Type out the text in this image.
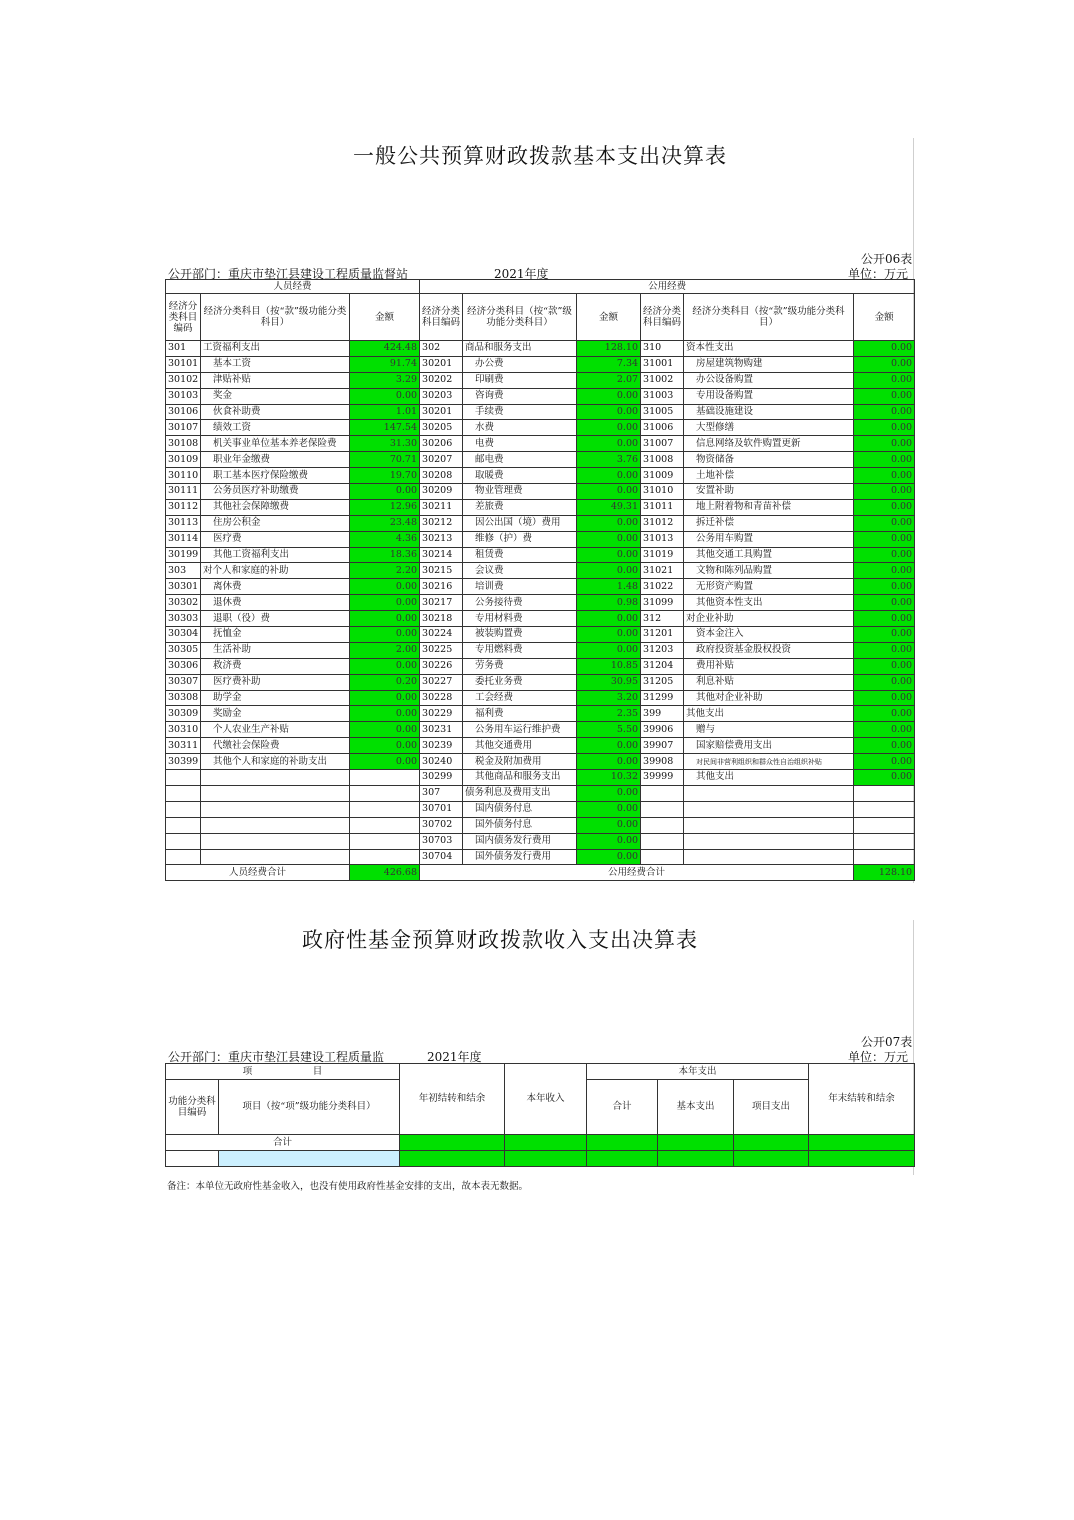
一般公共预算财政拨款基本支出决算表
公开06表
公开部门：重庆市垫江县建设工程质量监督站	2021年度	单位：万元
人员经费			公用经费					
经济分类科目编码	经济分类科目（按“款”级功能分类科目）	金额	经济分类科目编码	经济分类科目（按“款”级功能分类科目）	金额	经济分类科目编码	经济分类科目（按“款”级功能分类科目）	金额
301	工资福利支出	424.48	302	商品和服务支出	128.10	310	资本性支出	0.00
30101	基本工资	91.74	30201	办公费	7.34	31001	房屋建筑物购建	0.00
30102	津贴补贴	3.29	30202	印刷费	2.07	31002	办公设备购置	0.00
30103	奖金	0.00	30203	咨询费	0.00	31003	专用设备购置	0.00
30106	伙食补助费	1.01	30201	手续费	0.00	31005	基础设施建设	0.00
30107	绩效工资	147.54	30205	水费	0.00	31006	大型修缮	0.00
30108	机关事业单位基本养老保险费	31.30	30206	电费	0.00	31007	信息网络及软件购置更新	0.00
30109	职业年金缴费	70.71	30207	邮电费	3.76	31008	物资储备	0.00
30110	职工基本医疗保险缴费	19.70	30208	取暖费	0.00	31009	土地补偿	0.00
30111	公务员医疗补助缴费	0.00	30209	物业管理费	0.00	31010	安置补助	0.00
30112	其他社会保障缴费	12.96	30211	差旅费	49.31	31011	地上附着物和青苗补偿	0.00
30113	住房公积金	23.48	30212	因公出国（境）费用	0.00	31012	拆迁补偿	0.00
30114	医疗费	4.36	30213	维修（护）费	0.00	31013	公务用车购置	0.00
30199	其他工资福利支出	18.36	30214	租赁费	0.00	31019	其他交通工具购置	0.00
303	对个人和家庭的补助	2.20	30215	会议费	0.00	31021	文物和陈列品购置	0.00
30301	离休费	0.00	30216	培训费	1.48	31022	无形资产购置	0.00
30302	退休费	0.00	30217	公务接待费	0.98	31099	其他资本性支出	0.00
30303	退职（役）费	0.00	30218	专用材料费	0.00	312	对企业补助	0.00
30304	抚恤金	0.00	30224	被装购置费	0.00	31201	资本金注入	0.00
30305	生活补助	2.00	30225	专用燃料费	0.00	31203	政府投资基金股权投资	0.00
30306	救济费	0.00	30226	劳务费	10.85	31204	费用补贴	0.00
30307	医疗费补助	0.20	30227	委托业务费	30.95	31205	利息补贴	0.00
30308	助学金	0.00	30228	工会经费	3.20	31299	其他对企业补助	0.00
30309	奖励金	0.00	30229	福利费	2.35	399	其他支出	0.00
30310	个人农业生产补贴	0.00	30231	公务用车运行维护费	5.50	39906	赠与	0.00
30311	代缴社会保险费	0.00	30239	其他交通费用	0.00	39907	国家赔偿费用支出	0.00
30399	其他个人和家庭的补助支出	0.00	30240	税金及附加费用	0.00	39908	对民间非营利组织和群众性自治组织补贴	0.00
			30299	其他商品和服务支出	10.32	39999	其他支出	0.00
			307	债务利息及费用支出	0.00			
			30701	国内债务付息	0.00			
			30702	国外债务付息	0.00			
			30703	国内债务发行费用	0.00			
			30704	国外债务发行费用	0.00			
人员经费合计		426.68	公用经费合计					128.10
政府性基金预算财政拨款收入支出决算表
公开07表
公开部门：重庆市垫江县建设工程质量监	2021年度	单位：万元
项 目		年初结转和结余	本年收入	本年支出			年末结转和结余
功能分类科目编码	项目（按“项”级功能分类科目）			合计	基本支出	项目支出	
合计							

备注：本单位无政府性基金收入，也没有使用政府性基金安排的支出，故本表无数据。
